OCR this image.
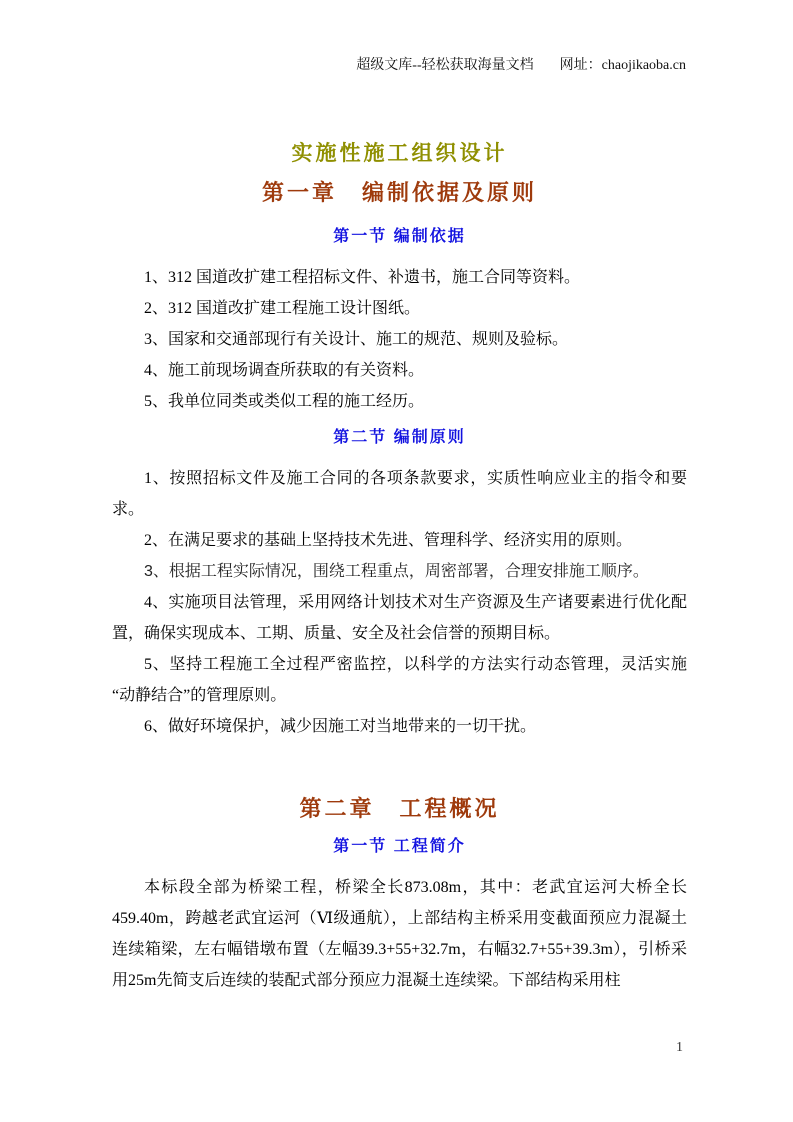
超级文库--轻松获取海量文档 网址：chaojikaoba.cn
实施性施工组织设计
第一章　编制依据及原则
第一节 编制依据

1、312 国道改扩建工程招标文件、补遗书，施工合同等资料。

2、312 国道改扩建工程施工设计图纸。

3、国家和交通部现行有关设计、施工的规范、规则及验标。

4、施工前现场调查所获取的有关资料。

5、我单位同类或类似工程的施工经历。

第二节 编制原则

1、按照招标文件及施工合同的各项条款要求，实质性响应业主的指令和要求。

2、在满足要求的基础上坚持技术先进、管理科学、经济实用的原则。

3、根据工程实际情况，围绕工程重点，周密部署，合理安排施工顺序。

4、实施项目法管理，采用网络计划技术对生产资源及生产诸要素进行优化配置，确保实现成本、工期、质量、安全及社会信誉的预期目标。

5、坚持工程施工全过程严密监控，以科学的方法实行动态管理，灵活实施“动静结合”的管理原则。

6、做好环境保护，减少因施工对当地带来的一切干扰。

第二章　工程概况
第一节 工程简介

本标段全部为桥梁工程，桥梁全长873.08m，其中：老武宜运河大桥全长459.40m，跨越老武宜运河（Ⅵ级通航），上部结构主桥采用变截面预应力混凝土连续箱梁，左右幅错墩布置（左幅39.3+55+32.7m，右幅32.7+55+39.3m），引桥采用25m先简支后连续的装配式部分预应力混凝土连续梁。下部结构采用柱

1
